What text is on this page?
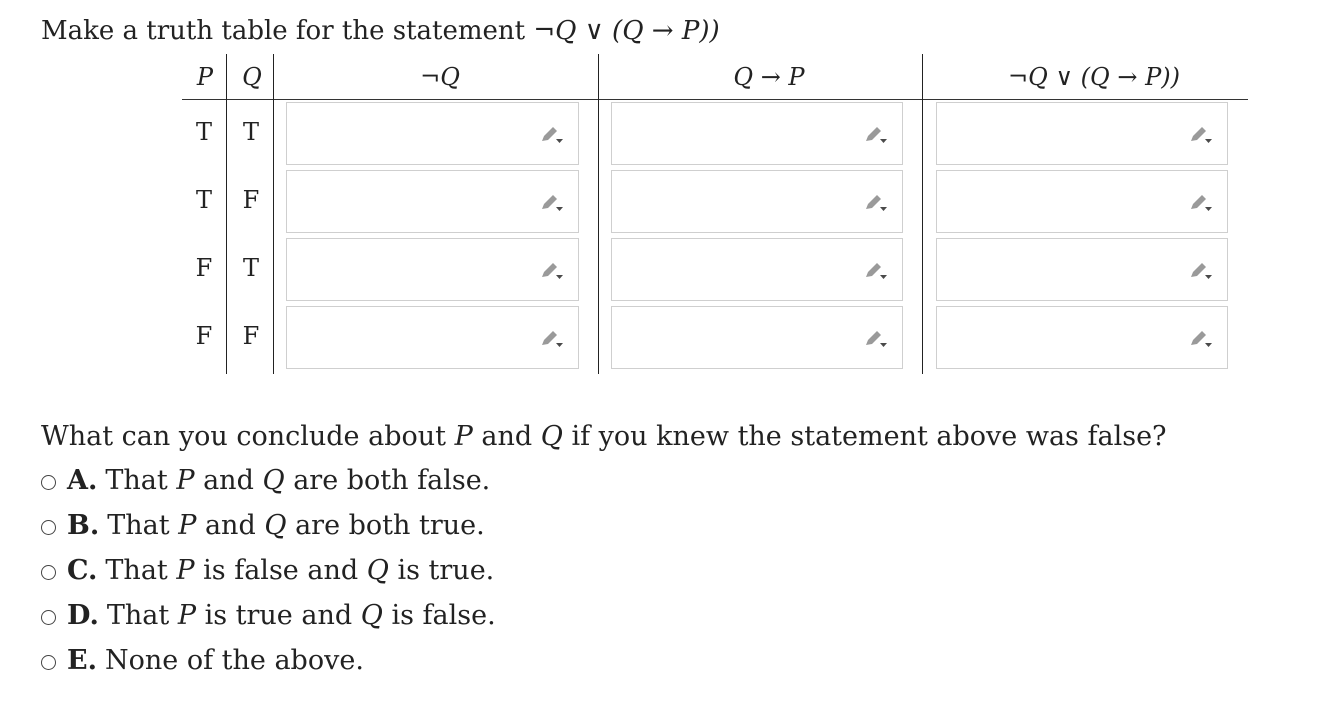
Make a truth table for the statement ¬Q ∨ (Q → P))
P Q	¬Q	Q → P	¬Q ∨ (Q → P))
T T
T F
F T
F F
What can you conclude about P and Q if you knew the statement above was false?
A. That
P
and
Q
are both false.
B. That
P
and
Q
are both true.
C. That
P
is false and
Q
is true.
D. That
P
is true and
Q
is false.
E. None of the above.
